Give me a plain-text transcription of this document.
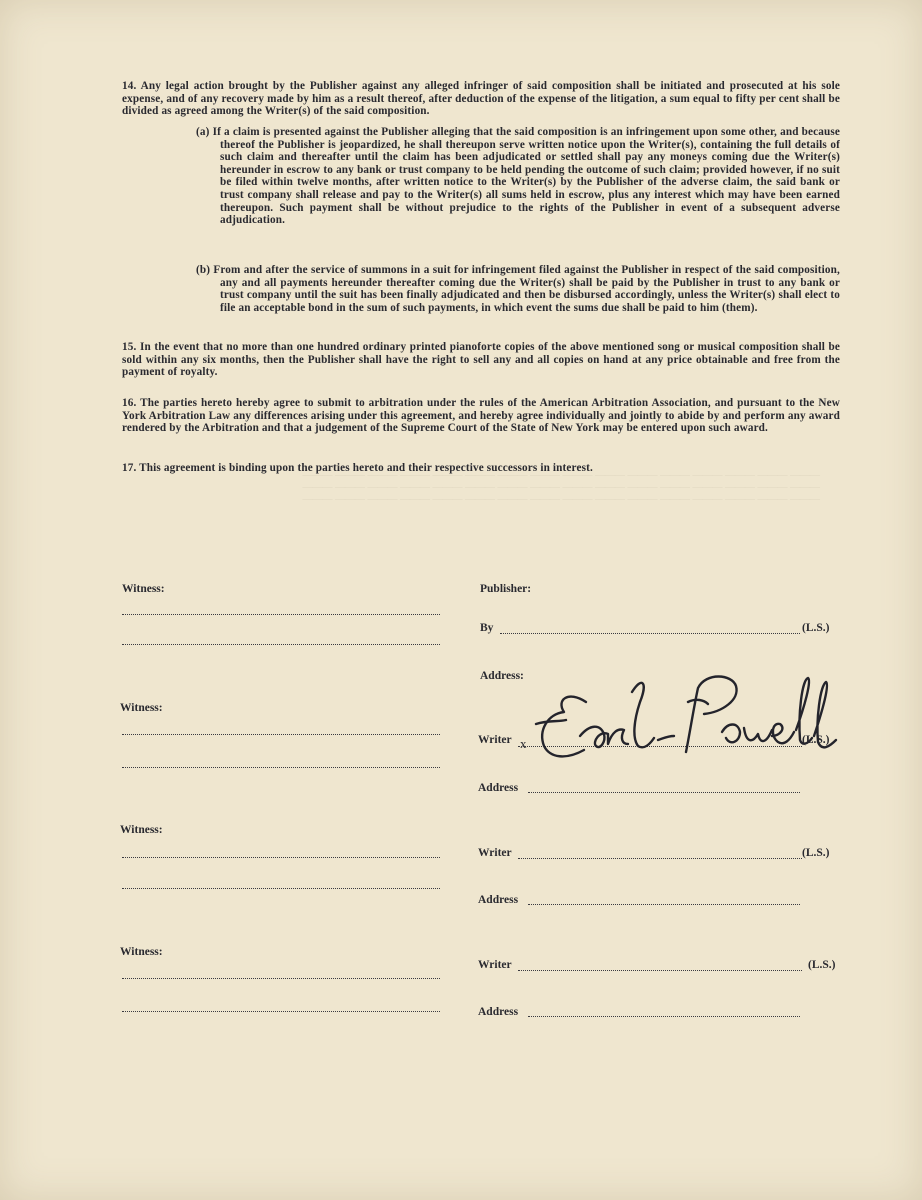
——— ——— ——— ——— ——— ——— ——— ——— ——— ——— ——— ——— ——— ——— ——— ———
——— ——— ——— ——— ——— ——— ——— ——— ——— ——— ——— ——— ——— ——— ——— ———
——— ——— ——— ——— ——— ——— ——— ——— ——— ——— ——— ——— ——— ——— ——— ———
14. Any legal action brought by the Publisher against any alleged infringer of said composition shall be initiated and prosecuted at his sole expense, and of any recovery made by him as a result thereof, after deduction of the expense of the litigation, a sum equal to fifty per cent shall be divided as agreed among the Writer(s) of the said composition.
(a) If a claim is presented against the Publisher alleging that the said composition is an infringement upon some other, and because thereof the Publisher is jeopardized, he shall thereupon serve written notice upon the Writer(s), containing the full details of such claim and thereafter until the claim has been adjudicated or settled shall pay any moneys coming due the Writer(s) hereunder in escrow to any bank or trust company to be held pending the outcome of such claim; provided however, if no suit be filed within twelve months, after written notice to the Writer(s) by the Publisher of the adverse claim, the said bank or trust company shall release and pay to the Writer(s) all sums held in escrow, plus any interest which may have been earned thereupon. Such payment shall be without prejudice to the rights of the Publisher in event of a subsequent adverse adjudication.
(b) From and after the service of summons in a suit for infringement filed against the Publisher in respect of the said composition, any and all payments hereunder thereafter coming due the Writer(s) shall be paid by the Publisher in trust to any bank or trust company until the suit has been finally adjudicated and then be disbursed accordingly, unless the Writer(s) shall elect to file an acceptable bond in the sum of such payments, in which event the sums due shall be paid to him (them).
15. In the event that no more than one hundred ordinary printed pianoforte copies of the above mentioned song or musical composition shall be sold within any six months, then the Publisher shall have the right to sell any and all copies on hand at any price obtainable and free from the payment of royalty.
16. The parties hereto hereby agree to submit to arbitration under the rules of the American Arbitration Association, and pursuant to the New York Arbitration Law any differences arising under this agreement, and hereby agree individually and jointly to abide by and perform any award rendered by the Arbitration and that a judgement of the Supreme Court of the State of New York may be entered upon such award.
17. This agreement is binding upon the parties hereto and their respective successors in interest.
Witness:
Witness:
Witness:
Witness:
Publisher:
By	(L.S.)
Address:
Writer x	(L.S.)
Address
Writer	(L.S.)
Address
Writer	(L.S.)
Address
